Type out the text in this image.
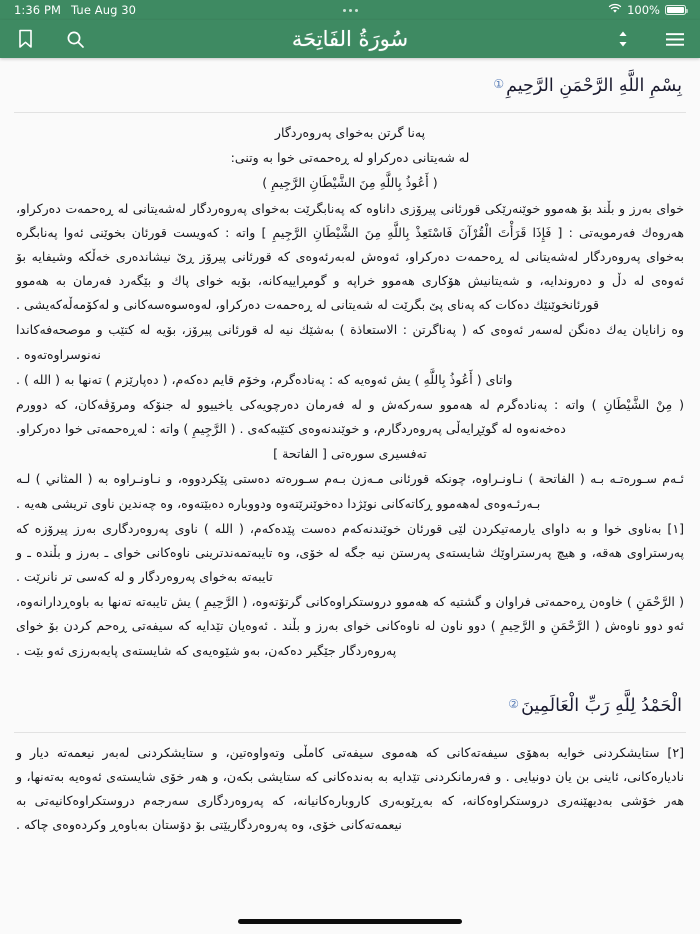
1:36 PM Tue Aug 30	100%
سُورَةُ الفَاتِحَة
بِسْمِ اللَّهِ الرَّحْمَنِ الرَّحِيمِ①

پەنا گرتن بەخوای پەروەردگار

لە شەیتانی دەرکراو لە ڕەحمەتی خوا بە وتنی:

( أَعُوذُ بِاللَّهِ مِنَ الشَّيْطَانِ الرَّجِيمِ )

خوای بەرز و بڵند بۆ هەموو خوێنەرێکی قورئانی پیرۆزی داناوە کە پەنابگرێت بەخوای پەروەردگار لەشەیتانی لە ڕەحمەت دەرکراو، هەروەك فەرمویەتی : [ فَإِذَا قَرَأْتَ الْقُرْآنَ فَاسْتَعِذْ بِاللَّهِ مِنَ الشَّيْطَانِ الرَّجِيمِ ] واتە : کەویست قورئان بخوێنی ئەوا پەنابگرە بەخوای پەروەردگار لەشەیتانی لە ڕەحمەت دەرکراو، ئەوەش لەبەرئەوەی کە قورئانی پیرۆز ڕێ نیشاندەری خەڵکە وشیفایە بۆ ئەوەی لە دڵ و دەروندایە، و شەیتانیش هۆکاری هەموو خراپە و گومڕاییەکانە، بۆیە خوای پاك و بێگەرد فەرمان بە هەموو قورئانخوێنێك دەکات کە پەنای پێ بگرێت لە شەیتانی لە ڕەحمەت دەرکراو، لەوەسوەسەکانی و لەکۆمەڵەکەیشی .

وە زانایان یەك دەنگن لەسەر ئەوەی کە ( پەناگرتن : الاستعاذة ) بەشێك نیە لە قورئانی پیرۆز، بۆیە لە کتێب و موصحەفەکاندا نەنوسراوەتەوە .

واتای ( أَعُوذُ بِاللَّهِ ) يش ئەوەیە کە : پەنادەگرم، وخۆم قایم دەکەم، ( دەپارێزم ) تەنها بە ( الله ) .

( مِنْ الشَّيْطَانِ ) واتە : پەنادەگرم لە هەموو سەرکەش و لە فەرمان دەرچویەکی یاخییوو لە جنۆکە ومرۆڤەکان، کە دوورم دەخەنەوە لە گوێڕایەڵی پەروەردگارم، و خوێندنەوەی کتێبەکەی . ( الرَّجِيمِ ) واتە : لەڕەحمەتی خوا دەرکراو.

تەفسیری سورەتی [ الفاتحة ]

ئـەم سـورەتـە بـە ( الفاتحة ) نـاونـراوە، چونکە قورئانی مـەزن بـەم سـورەتە دەستی پێکردووە، و نـاونـراوە بە ( المثاني ) لـە بـەرئـەوەی لەهەموو ڕکاتەکانی نوێژدا دەخوێنرێتەوە ودووبارە دەبێتەوە، وە چەندین ناوی تریشی هەیە .

[١] بەناوی خوا و بە داوای یارمەتیکردن لێی قورئان خوێندنەکەم دەست پێدەکەم، ( الله ) ناوی پەروەردگاری بەرز پیرۆزە کە پەرستراوی هەقە، و هیچ پەرستراوێك شایستەی پەرستن نیە جگە لە خۆی، وە تایبەتمەندترینی ناوەکانی خوای ـ بەرز و بڵندە ـ و تایبەتە بەخوای پەروەردگار و لە کەسی تر نانرێت .

( الرَّحْمَنِ ) خاوەن ڕەحمەتی فراوان و گشتیە کە هەموو دروستکراوەکانی گرتۆتەوە، ( الرَّحِيمِ ) يش تایبەتە تەنها بە باوەڕدارانەوە، ئەو دوو ناوەش ( الرَّحْمَنِ و الرَّحِيمِ ) دوو ناون لە ناوەکانی خوای بەرز و بڵند . ئەوەیان تێدایە کە سیفەتی ڕەحم کردن بۆ خوای پەروەردگار جێگیر دەکەن، بەو شێوەیەی کە شایستەی پایەبەرزی ئەو بێت .

الْحَمْدُ لِلَّهِ رَبِّ الْعَالَمِينَ②

[٢] ستایشکردنی خوایە بەهۆی سیفەتەکانی کە هەموی سیفەتی کامڵی وتەواوەتین، و ستایشکردنی لەبەر نیعمەتە دیار و نادیارەکانی، ئاینی بن یان دونیایی . و فەرمانکردنی تێدایە بە بەندەکانی کە ستایشی بکەن، و هەر خۆی شایستەی ئەوەیە بەتەنها، و هەر خۆشی بەدیهێنەری دروستکراوەکانە، کە بەڕێوبەری کاروبارەکانیانە، کە پەروەردگاری سەرجەم دروستکراوەکانیەتی بە نیعمەتەکانی خۆی، وە پەروەردگاریێتی بۆ دۆستان بەباوەڕ وکردەوەی چاکە .
